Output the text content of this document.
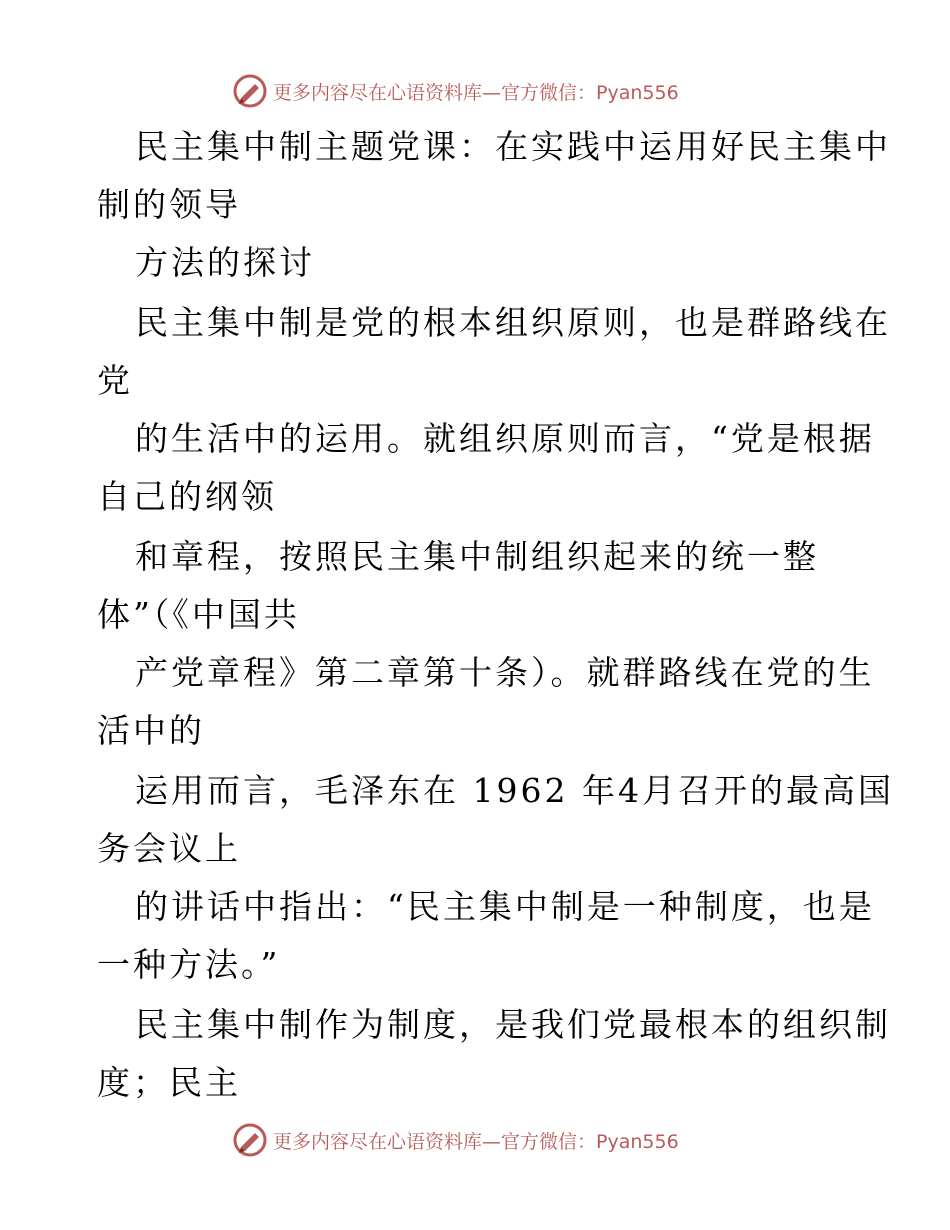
更多内容尽在心语资料库—官方微信：Pyan556
民主集中制主题党课：在实践中运用好民主集中
制的领导
方法的探讨
民主集中制是党的根本组织原则，也是群路线在
党
的生活中的运用。就组织原则而言，“党是根据
自己的纲领
和章程，按照民主集中制组织起来的统一整
体”（《中国共
产党章程》第二章第十条）。就群路线在党的生
活中的
运用而言，毛泽东在 1962 年4月召开的最高国
务会议上
的讲话中指出：“民主集中制是一种制度，也是
一种方法。”
民主集中制作为制度，是我们党最根本的组织制
度；民主
更多内容尽在心语资料库—官方微信：Pyan556
